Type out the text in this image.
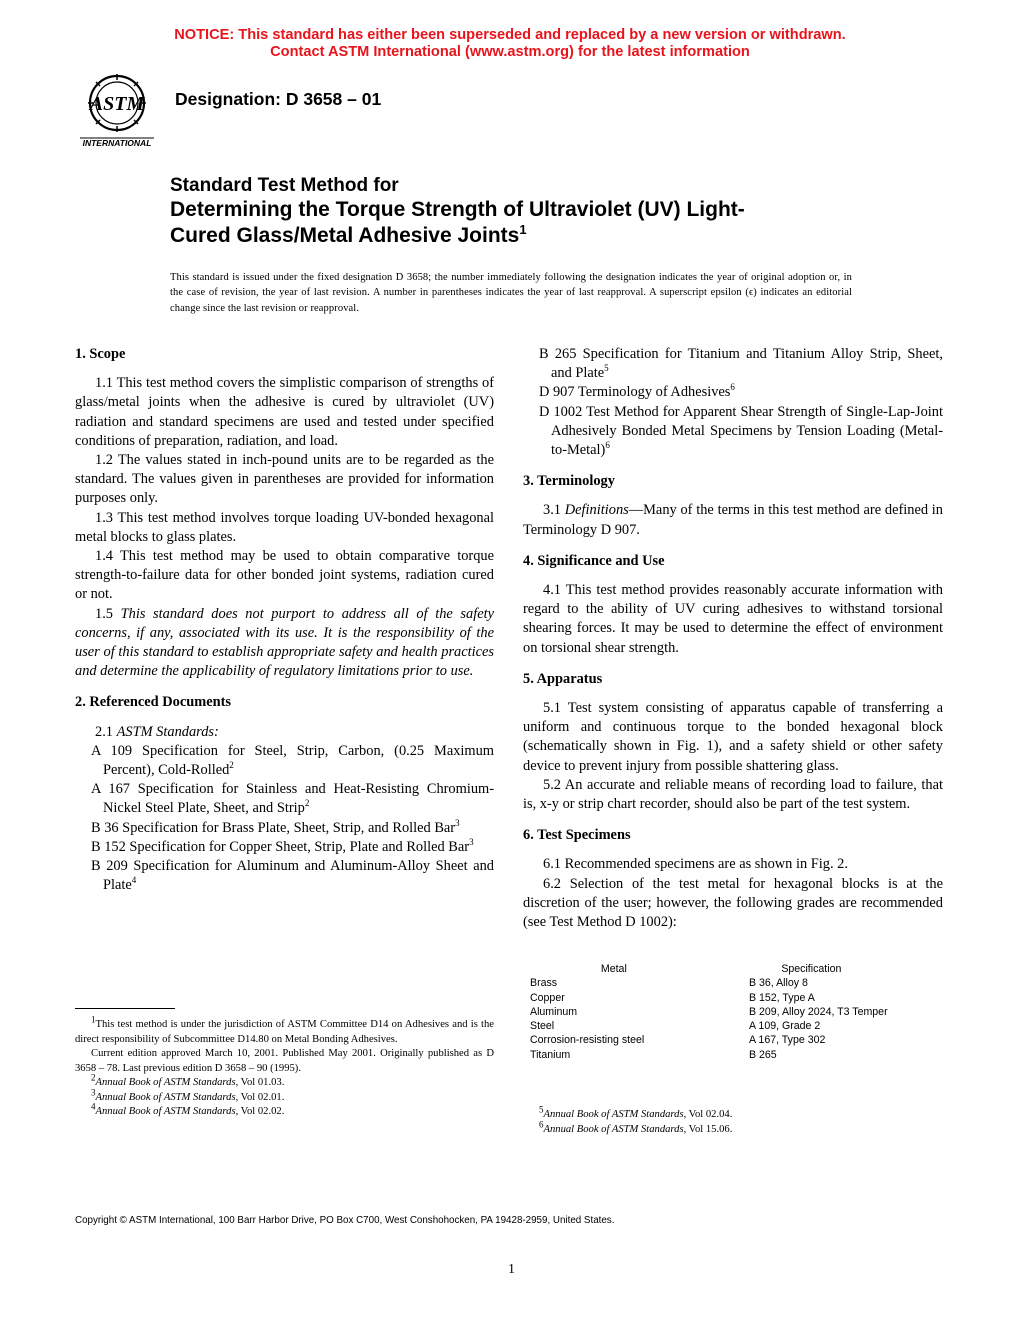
NOTICE: This standard has either been superseded and replaced by a new version or withdrawn.
Contact ASTM International (www.astm.org) for the latest information
ASTM
INTERNATIONAL
Designation: D 3658 – 01
Standard Test Method for
Determining the Torque Strength of Ultraviolet (UV) Light-
Cured Glass/Metal Adhesive Joints$^1$
This standard is issued under the fixed designation D 3658; the number immediately following the designation indicates the year of original adoption or, in the case of revision, the year of last revision. A number in parentheses indicates the year of last reapproval. A superscript epsilon (ϵ) indicates an editorial change since the last revision or reapproval.
1. Scope

1.1 This test method covers the simplistic comparison of strengths of glass/metal joints when the adhesive is cured by ultraviolet (UV) radiation and standard specimens are used and tested under specified conditions of preparation, radiation, and load.

1.2 The values stated in inch-pound units are to be regarded as the standard. The values given in parentheses are provided for information purposes only.

1.3 This test method involves torque loading UV-bonded hexagonal metal blocks to glass plates.

1.4 This test method may be used to obtain comparative torque strength-to-failure data for other bonded joint systems, radiation cured or not.

1.5 This standard does not purport to address all of the safety concerns, if any, associated with its use. It is the responsibility of the user of this standard to establish appropriate safety and health practices and determine the applicability of regulatory limitations prior to use.

2. Referenced Documents

2.1 ASTM Standards:

A 109 Specification for Steel, Strip, Carbon, (0.25 Maximum Percent), Cold-Rolled$^2$

A 167 Specification for Stainless and Heat-Resisting Chromium-Nickel Steel Plate, Sheet, and Strip$^2$

B 36 Specification for Brass Plate, Sheet, Strip, and Rolled Bar$^3$

B 152 Specification for Copper Sheet, Strip, Plate and Rolled Bar$^3$

B 209 Specification for Aluminum and Aluminum-Alloy Sheet and Plate$^4$

B 265 Specification for Titanium and Titanium Alloy Strip, Sheet, and Plate$^5$

D 907 Terminology of Adhesives$^6$

D 1002 Test Method for Apparent Shear Strength of Single-Lap-Joint Adhesively Bonded Metal Specimens by Tension Loading (Metal-to-Metal)$^6$

3. Terminology

3.1 Definitions—Many of the terms in this test method are defined in Terminology D 907.

4. Significance and Use

4.1 This test method provides reasonably accurate information with regard to the ability of UV curing adhesives to withstand torsional shearing forces. It may be used to determine the effect of environment on torsional shear strength.

5. Apparatus

5.1 Test system consisting of apparatus capable of transferring a uniform and continuous torque to the bonded hexagonal block (schematically shown in Fig. 1), and a safety shield or other safety device to prevent injury from possible shattering glass.

5.2 An accurate and reliable means of recording load to failure, that is, x-y or strip chart recorder, should also be part of the test system.

6. Test Specimens

6.1 Recommended specimens are as shown in Fig. 2.

6.2 Selection of the test metal for hexagonal blocks is at the discretion of the user; however, the following grades are recommended (see Test Method D 1002):

Metal	Specification
Brass	B 36, Alloy 8
Copper	B 152, Type A
Aluminum	B 209, Alloy 2024, T3 Temper
Steel	A 109, Grade 2
Corrosion-resisting steel	A 167, Type 302
Titanium	B 265

$^1$This test method is under the jurisdiction of ASTM Committee D14 on Adhesives and is the direct responsibility of Subcommittee D14.80 on Metal Bonding Adhesives.

Current edition approved March 10, 2001. Published May 2001. Originally published as D 3658 – 78. Last previous edition D 3658 – 90 (1995).

$^2$Annual Book of ASTM Standards, Vol 01.03.

$^3$Annual Book of ASTM Standards, Vol 02.01.

$^4$Annual Book of ASTM Standards, Vol 02.02.	$^5$Annual Book of ASTM Standards, Vol 02.04.

$^6$Annual Book of ASTM Standards, Vol 15.06.

Copyright © ASTM International, 100 Barr Harbor Drive, PO Box C700, West Conshohocken, PA 19428-2959, United States.
1
